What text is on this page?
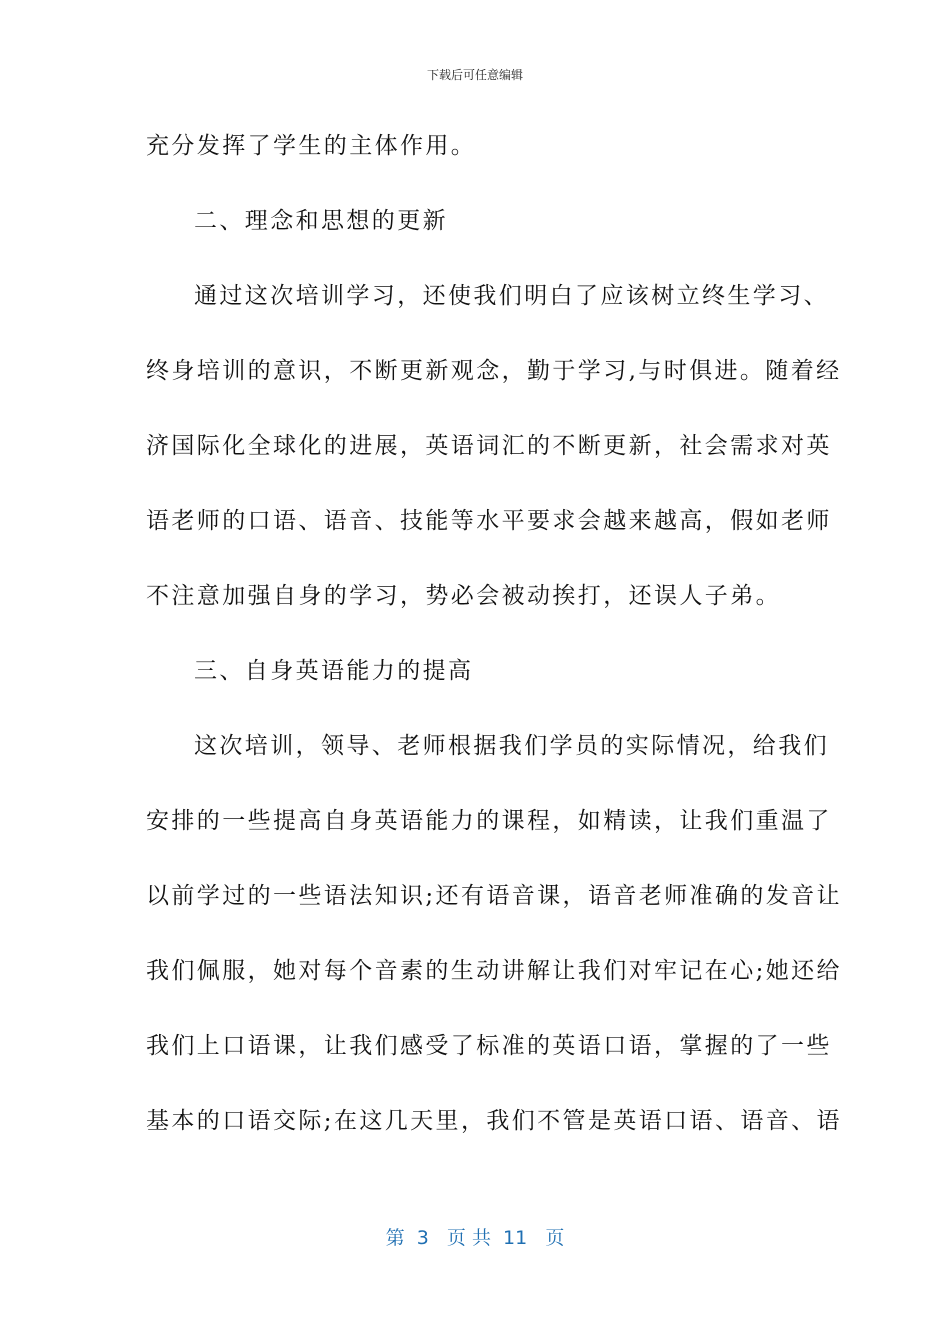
下载后可任意编辑
充分发挥了学生的主体作用。
二、理念和思想的更新
通过这次培训学习，还使我们明白了应该树立终生学习、
终身培训的意识，不断更新观念，勤于学习,与时俱进。随着经
济国际化全球化的进展，英语词汇的不断更新，社会需求对英
语老师的口语、语音、技能等水平要求会越来越高，假如老师
不注意加强自身的学习，势必会被动挨打，还误人子弟。
三、自身英语能力的提高
这次培训，领导、老师根据我们学员的实际情况，给我们
安排的一些提高自身英语能力的课程，如精读，让我们重温了
以前学过的一些语法知识;还有语音课，语音老师准确的发音让
我们佩服，她对每个音素的生动讲解让我们对牢记在心;她还给
我们上口语课，让我们感受了标准的英语口语，掌握的了一些
基本的口语交际;在这几天里，我们不管是英语口语、语音、语
第  3   页 共  11   页
